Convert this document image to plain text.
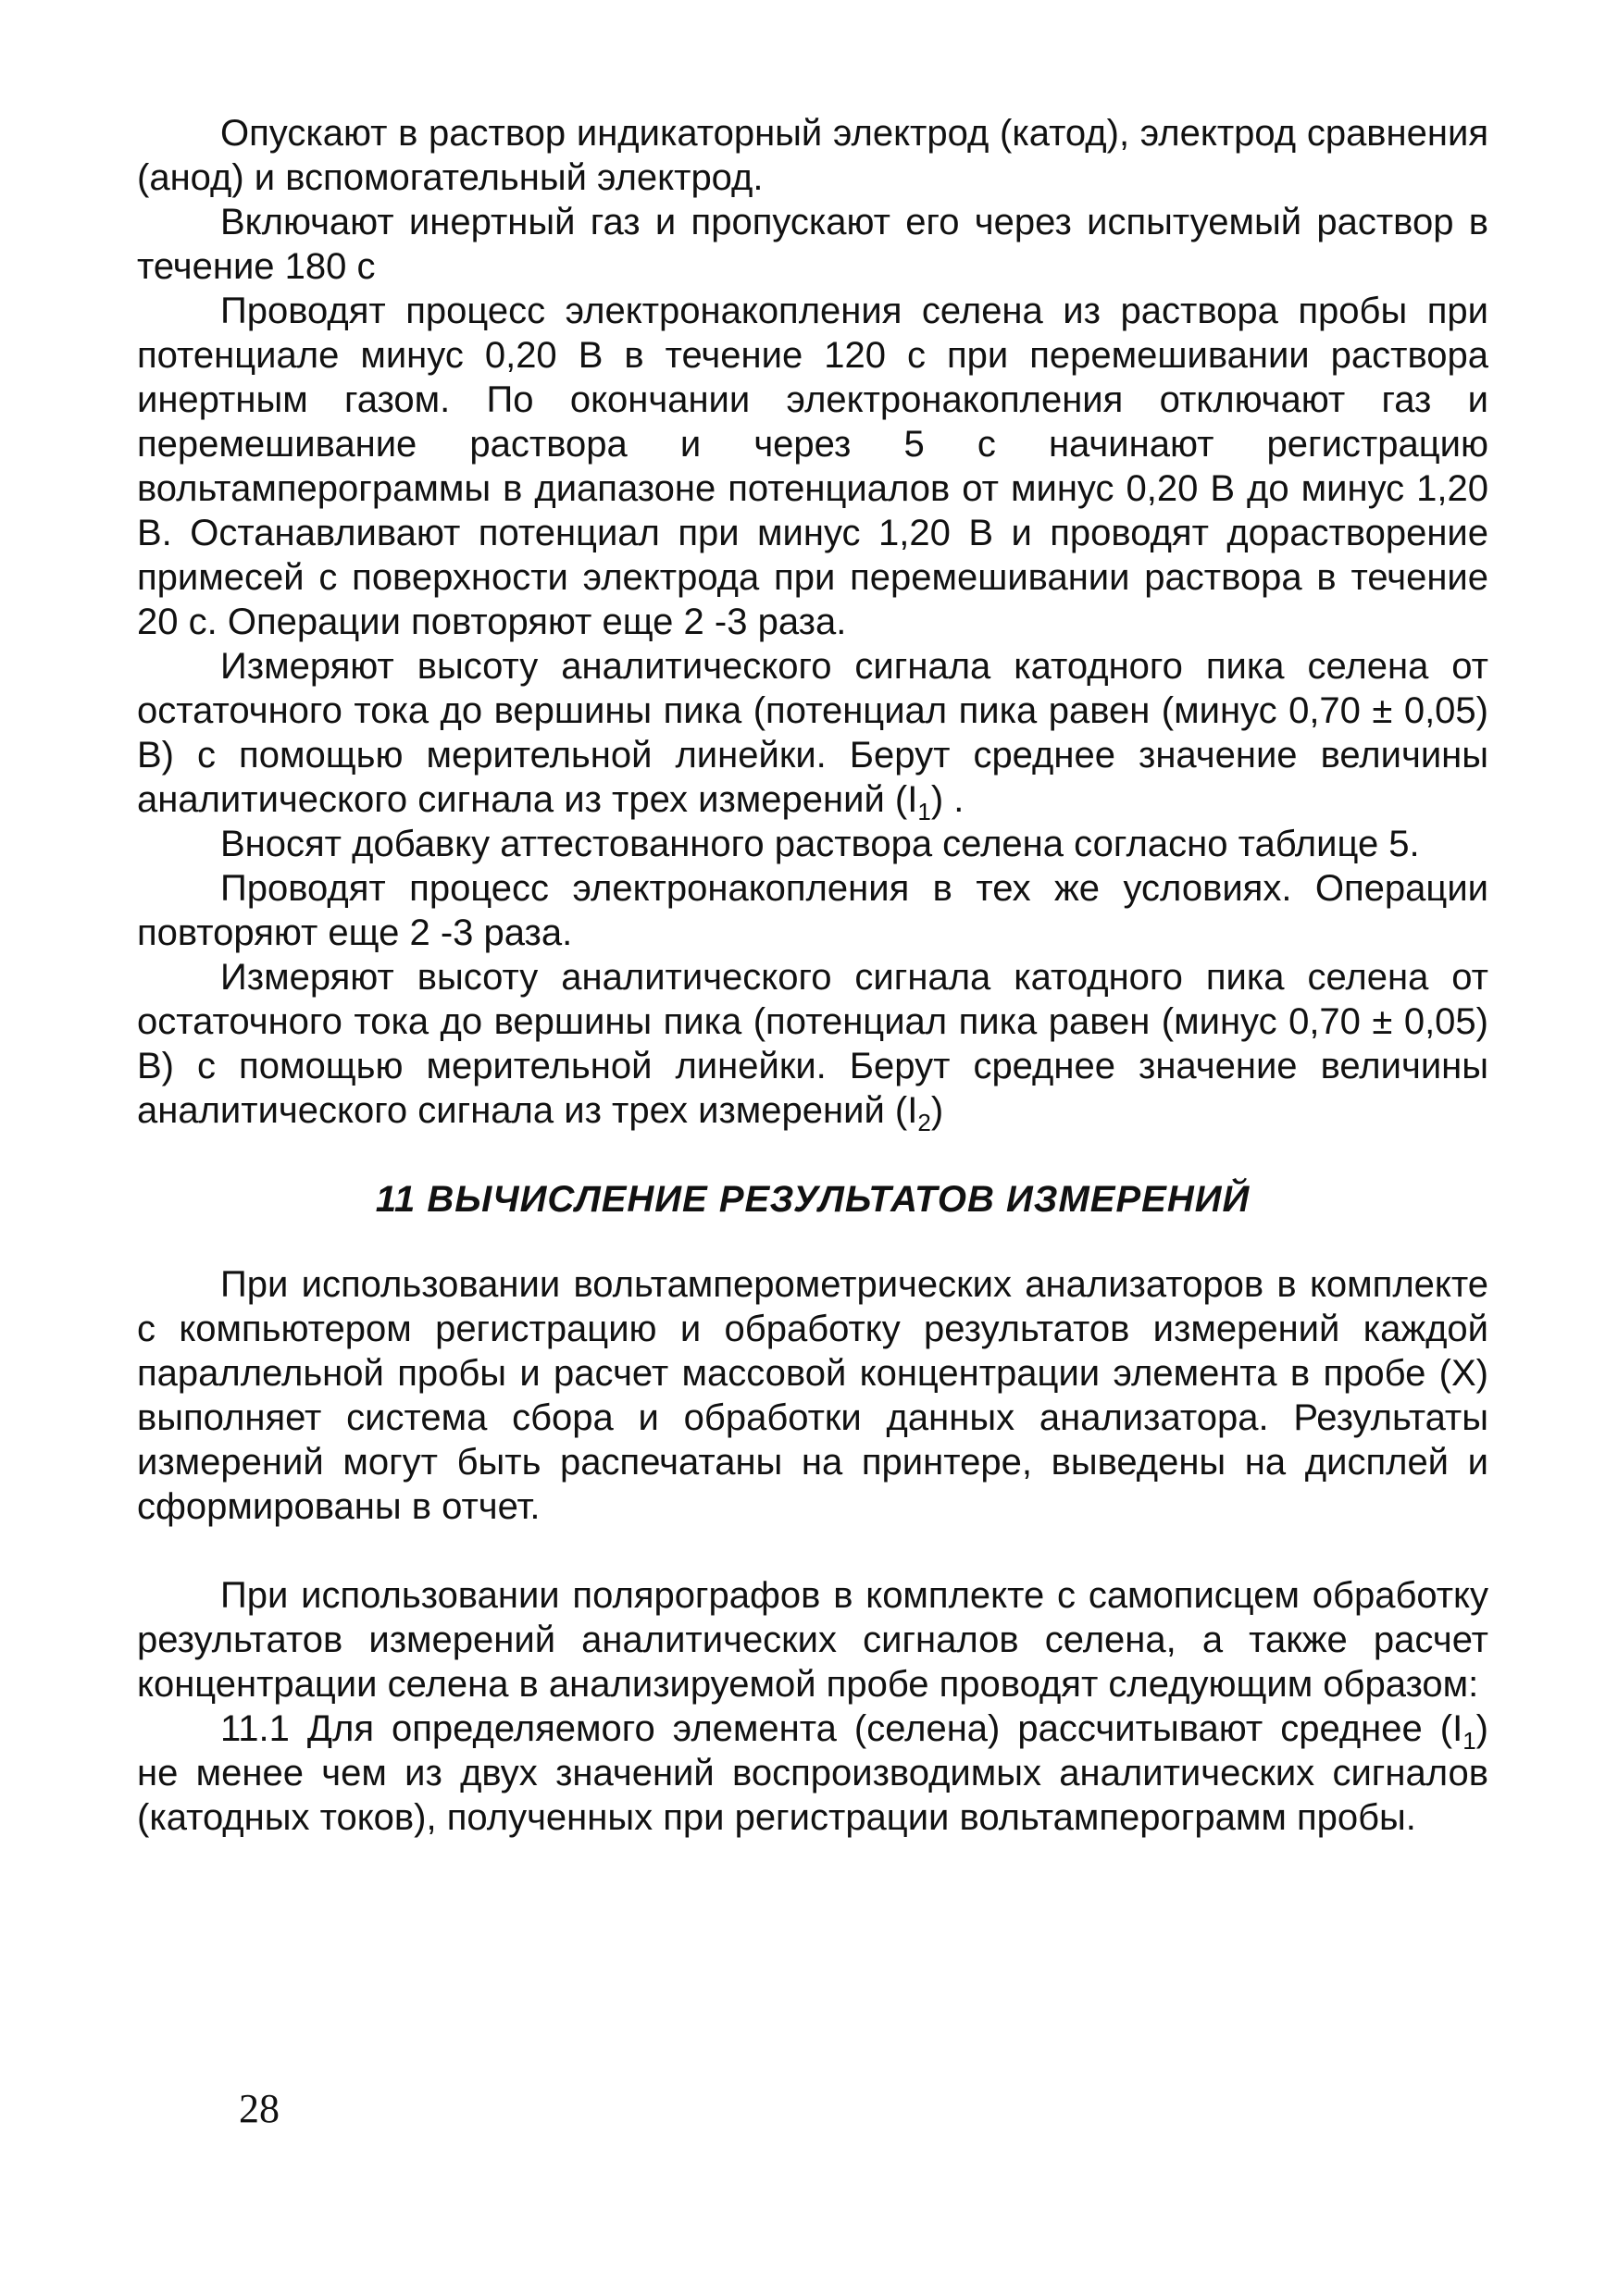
Опускают в раствор индикаторный электрод (катод), электрод сравнения (анод) и вспомогательный электрод.

Включают инертный газ и пропускают его через испытуемый раствор в течение 180 с

Проводят процесс электронакопления селена из раствора пробы при потенциале минус 0,20 В в течение 120 с при перемешивании раствора инертным газом. По окончании электронакопления отключают газ и перемешивание раствора и через 5 с начинают регистрацию вольтамперограммы в диапазоне потенциалов от минус 0,20 В до минус 1,20 В. Останавливают потенциал при минус 1,20 В и проводят дорастворение примесей с поверхности электрода при перемешивании раствора в течение 20 с. Операции повторяют еще 2 -3 раза.

Измеряют высоту аналитического сигнала катодного пика селена от остаточного тока до вершины пика (потенциал пика равен (минус 0,70 ± 0,05) В) с помощью мерительной линейки. Берут среднее значение величины аналитического сигнала из трех измерений $(I_1)$ .

Вносят добавку аттестованного раствора селена согласно таблице 5.

Проводят процесс электронакопления в тех же условиях. Операции повторяют еще 2 -3 раза.

Измеряют высоту аналитического сигнала катодного пика селена от остаточного тока до вершины пика (потенциал пика равен (минус 0,70 ± 0,05) В) с помощью мерительной линейки. Берут среднее значение величины аналитического сигнала из трех измерений $(I_2)$

11 ВЫЧИСЛЕНИЕ РЕЗУЛЬТАТОВ ИЗМЕРЕНИЙ

При использовании вольтамперометрических анализаторов в комплекте с компьютером регистрацию и обработку результатов измерений каждой параллельной пробы и расчет массовой концентрации элемента в пробе (X) выполняет система сбора и обработки данных анализатора. Результаты измерений могут быть распечатаны на принтере, выведены на дисплей и сформированы в отчет.

При использовании полярографов в комплекте с самописцем обработку результатов измерений аналитических сигналов селена, а также расчет концентрации селена в анализируемой пробе проводят следующим образом:

11.1 Для определяемого элемента (селена) рассчитывают среднее $(I_1)$ не менее чем из двух значений воспроизводимых аналитических сигналов (катодных токов), полученных при регистрации вольтамперограмм пробы.

28
